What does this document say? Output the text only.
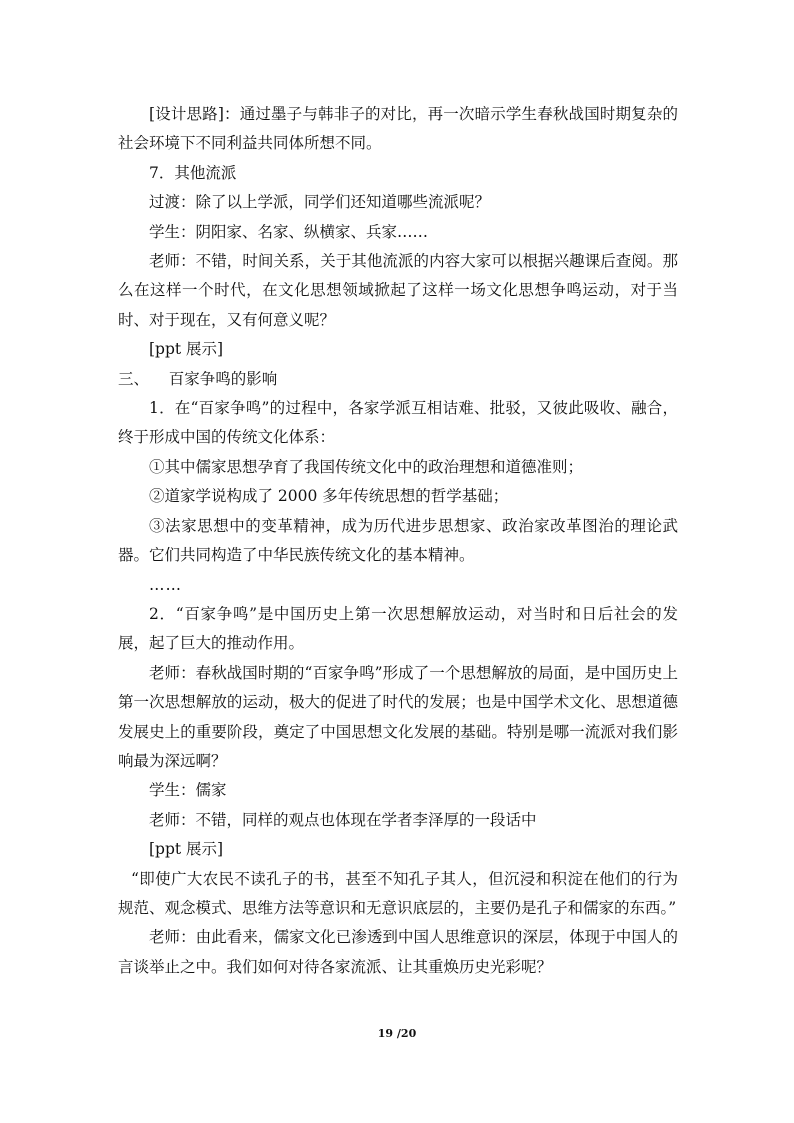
[设计思路]：通过墨子与韩非子的对比，再一次暗示学生春秋战国时期复杂的社会环境下不同利益共同体所想不同。

7．其他流派

过渡：除了以上学派，同学们还知道哪些流派呢？

学生：阴阳家、名家、纵横家、兵家……

老师：不错，时间关系，关于其他流派的内容大家可以根据兴趣课后查阅。那么在这样一个时代，在文化思想领域掀起了这样一场文化思想争鸣运动，对于当时、对于现在，又有何意义呢？

[ppt 展示]

三、    百家争鸣的影响

1．在“百家争鸣”的过程中，各家学派互相诘难、批驳，又彼此吸收、融合，终于形成中国的传统文化体系：

①其中儒家思想孕育了我国传统文化中的政治理想和道德准则；

②道家学说构成了 2000 多年传统思想的哲学基础；

③法家思想中的变革精神，成为历代进步思想家、政治家改革图治的理论武器。它们共同构造了中华民族传统文化的基本精神。

……

2．“百家争鸣”是中国历史上第一次思想解放运动，对当时和日后社会的发展，起了巨大的推动作用。

老师：春秋战国时期的“百家争鸣”形成了一个思想解放的局面，是中国历史上第一次思想解放的运动，极大的促进了时代的发展；也是中国学术文化、思想道德发展史上的重要阶段，奠定了中国思想文化发展的基础。特别是哪一流派对我们影响最为深远啊？

学生：儒家

老师：不错，同样的观点也体现在学者李泽厚的一段话中

[ppt 展示]

“即使广大农民不读孔子的书，甚至不知孔子其人，但沉浸和积淀在他们的行为规范、观念模式、思维方法等意识和无意识底层的，主要仍是孔子和儒家的东西。”

老师：由此看来，儒家文化已渗透到中国人思维意识的深层，体现于中国人的言谈举止之中。我们如何对待各家流派、让其重焕历史光彩呢？

19 /20
